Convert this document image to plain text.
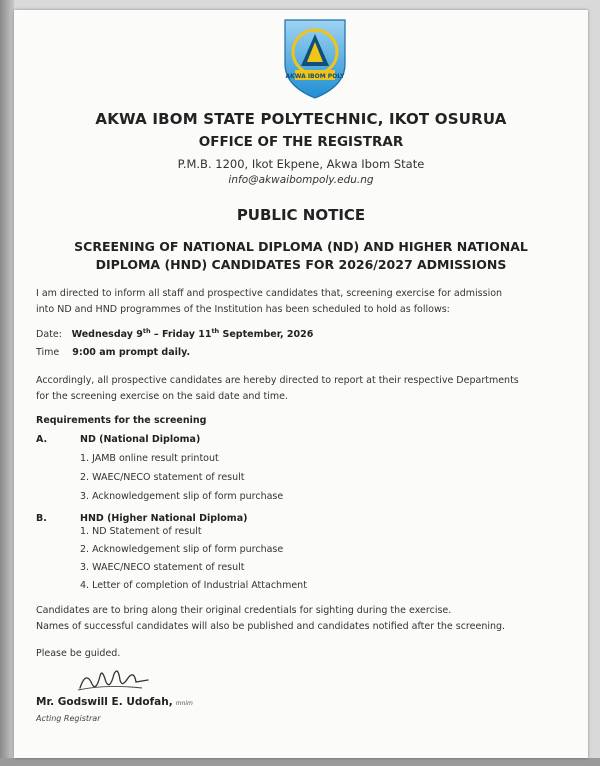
AKWA IBOM POLY
AKWA IBOM STATE POLYTECHNIC, IKOT OSURUA
OFFICE OF THE REGISTRAR
P.M.B. 1200, Ikot Ekpene, Akwa Ibom State
info@akwaibompoly.edu.ng
PUBLIC NOTICE
SCREENING OF NATIONAL DIPLOMA (ND) AND HIGHER NATIONAL
DIPLOMA (HND) CANDIDATES FOR 2026/2027 ADMISSIONS
I am directed to inform all staff and prospective candidates that, screening exercise for admission
into ND and HND programmes of the Institution has been scheduled to hold as follows:
Date: Wednesday 9th – Friday 11th September, 2026
Time 9:00 am prompt daily.
Accordingly, all prospective candidates are hereby directed to report at their respective Departments
for the screening exercise on the said date and time.
Requirements for the screening
A.	ND (National Diploma)
1. JAMB online result printout
2. WAEC/NECO statement of result
3. Acknowledgement slip of form purchase
B.	HND (Higher National Diploma)
1. ND Statement of result
2. Acknowledgement slip of form purchase
3. WAEC/NECO statement of result
4. Letter of completion of Industrial Attachment
Candidates are to bring along their original credentials for sighting during the exercise.
Names of successful candidates will also be published and candidates notified after the screening.
Please be guided.
Mr. Godswill E. Udofah, mnim
Acting Registrar
